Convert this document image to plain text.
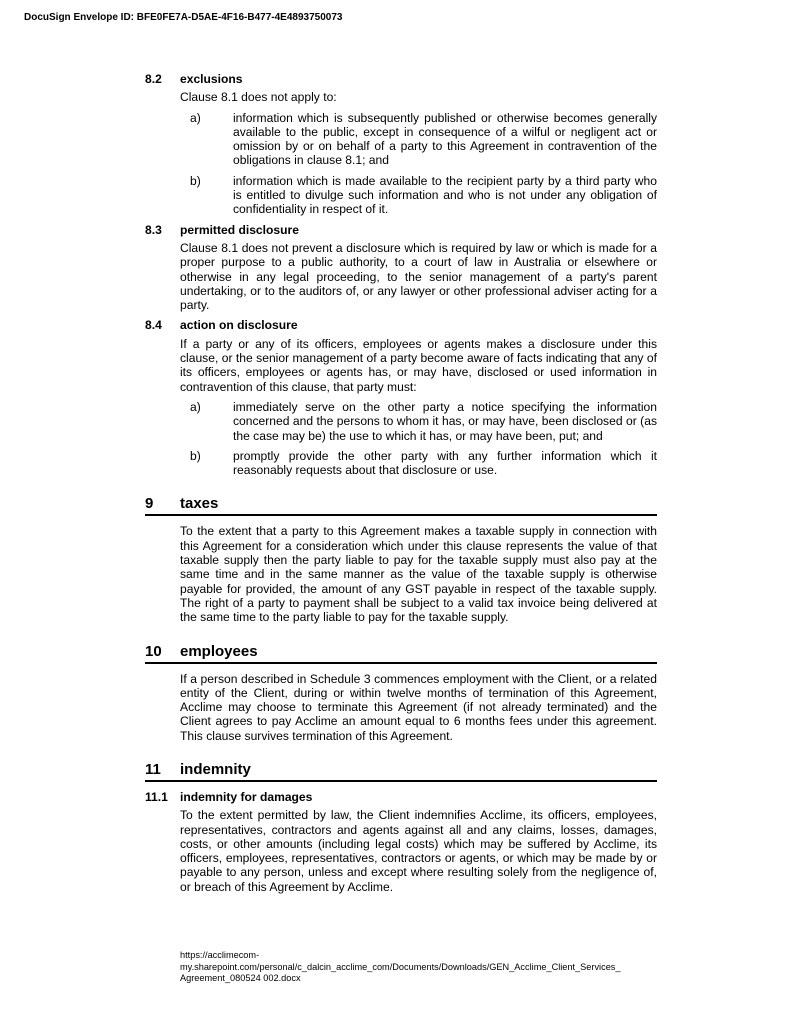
DocuSign Envelope ID: BFE0FE7A-D5AE-4F16-B477-4E4893750073
8.2	exclusions
Clause 8.1 does not apply to:
a)	information which is subsequently published or otherwise becomes generally available to the public, except in consequence of a wilful or negligent act or omission by or on behalf of a party to this Agreement in contravention of the obligations in clause 8.1; and
b)	information which is made available to the recipient party by a third party who is entitled to divulge such information and who is not under any obligation of confidentiality in respect of it.
8.3	permitted disclosure
Clause 8.1 does not prevent a disclosure which is required by law or which is made for a proper purpose to a public authority, to a court of law in Australia or elsewhere or otherwise in any legal proceeding, to the senior management of a party's parent undertaking, or to the auditors of, or any lawyer or other professional adviser acting for a party.
8.4	action on disclosure
If a party or any of its officers, employees or agents makes a disclosure under this clause, or the senior management of a party become aware of facts indicating that any of its officers, employees or agents has, or may have, disclosed or used information in contravention of this clause, that party must:
a)	immediately serve on the other party a notice specifying the information concerned and the persons to whom it has, or may have, been disclosed or (as the case may be) the use to which it has, or may have been, put; and
b)	promptly provide the other party with any further information which it reasonably requests about that disclosure or use.
9	taxes
To the extent that a party to this Agreement makes a taxable supply in connection with this Agreement for a consideration which under this clause represents the value of that taxable supply then the party liable to pay for the taxable supply must also pay at the same time and in the same manner as the value of the taxable supply is otherwise payable for provided, the amount of any GST payable in respect of the taxable supply. The right of a party to payment shall be subject to a valid tax invoice being delivered at the same time to the party liable to pay for the taxable supply.
10	employees
If a person described in Schedule 3 commences employment with the Client, or a related entity of the Client, during or within twelve months of termination of this Agreement, Acclime may choose to terminate this Agreement (if not already terminated) and the Client agrees to pay Acclime an amount equal to 6 months fees under this agreement. This clause survives termination of this Agreement.
11	indemnity
11.1	indemnity for damages
To the extent permitted by law, the Client indemnifies Acclime, its officers, employees, representatives, contractors and agents against all and any claims, losses, damages, costs, or other amounts (including legal costs) which may be suffered by Acclime, its officers, employees, representatives, contractors or agents, or which may be made by or payable to any person, unless and except where resulting solely from the negligence of, or breach of this Agreement by Acclime.
https://acclimecom-
my.sharepoint.com/personal/c_dalcin_acclime_com/Documents/Downloads/GEN_Acclime_Client_Services_
Agreement_080524 002.docx
